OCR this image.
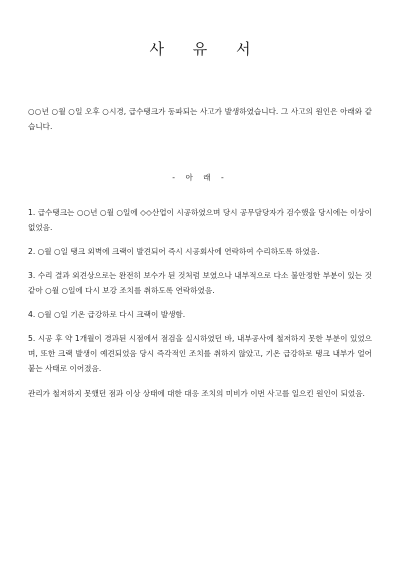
사 유 서

○○년 ○월 ○일 오후 ○시경, 급수탱크가 동파되는 사고가 발생하였습니다. 그 사고의 원인은 아래와 같습니다.

- 아 래 -

1. 급수탱크는 ○○년 ○월 ○일에 ◇◇산업이 시공하였으며 당시 공무담당자가 검수했을 당시에는 이상이 없었음.

2. ○월 ○일 탱크 외벽에 크랙이 발견되어 즉시 시공회사에 연락하여 수리하도록 하였음.

3. 수리 결과 외견상으로는 완전히 보수가 된 것처럼 보였으나 내부적으로 다소 불안정한 부분이 있는 것 같아 ○월 ○일에 다시 보강 조치를 취하도록 연락하였음.

4. ○월 ○일 기온 급강하로 다시 크랙이 발생함.

5. 시공 후 약 1개월이 경과된 시점에서 점검을 실시하였던 바, 내부공사에 철저하지 못한 부분이 있었으며, 또한 크랙 발생이 예견되었음 당시 즉각적인 조치를 취하지 않았고, 기온 급강하로 탱크 내부가 얼어붙는 사태로 이어졌음.

관리가 철저하지 못했던 점과 이상 상태에 대한 대응 조치의 미비가 이번 사고를 일으킨 원인이 되었음.
